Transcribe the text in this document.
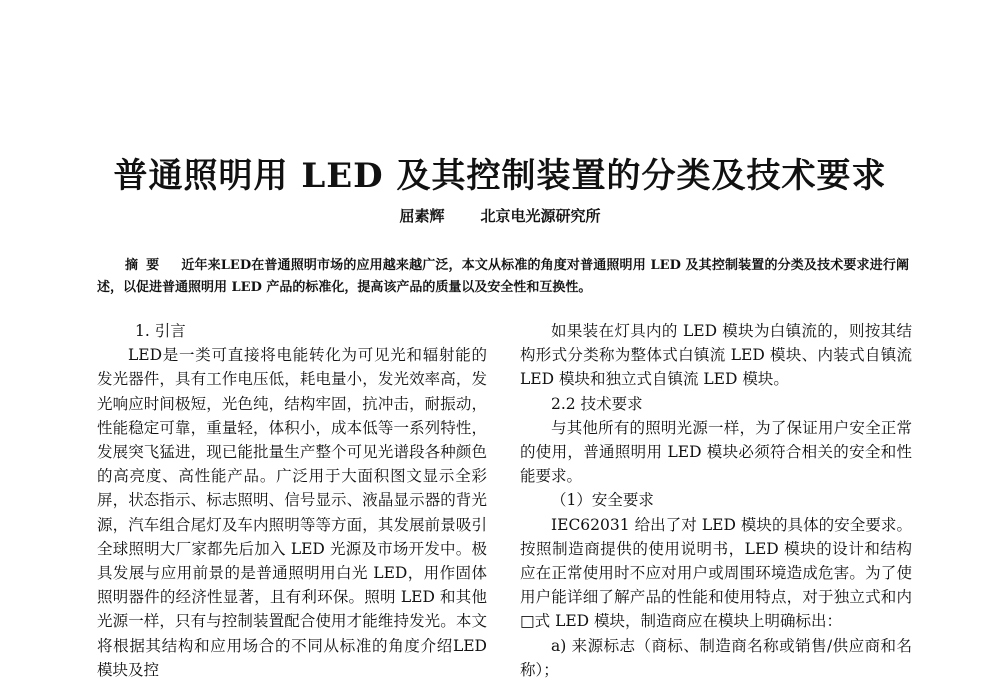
普通照明用 LED 及其控制装置的分类及技术要求
屈素辉 北京电光源研究所
摘要 近年来LED在普通照明市场的应用越来越广泛，本文从标准的角度对普通照明用 LED 及其控制装置的分类及技术要求进行阐述，以促进普通照明用 LED 产品的标准化，提高该产品的质量以及安全性和互换性。

1. 引言

LED是一类可直接将电能转化为可见光和辐射能的发光器件，具有工作电压低，耗电量小，发光效率高，发光响应时间极短，光色纯，结构牢固，抗冲击，耐振动，性能稳定可靠，重量轻，体积小，成本低等一系列特性，发展突飞猛进，现已能批量生产整个可见光谱段各种颜色的高亮度、高性能产品。广泛用于大面积图文显示全彩屏，状态指示、标志照明、信号显示、液晶显示器的背光源，汽车组合尾灯及车内照明等等方面，其发展前景吸引全球照明大厂家都先后加入 LED 光源及市场开发中。极具发展与应用前景的是普通照明用白光 LED，用作固体照明器件的经济性显著，且有利环保。照明 LED 和其他光源一样，只有与控制装置配合使用才能维持发光。本文将根据其结构和应用场合的不同从标准的角度介绍LED模块及控

如果装在灯具内的 LED 模块为白镇流的，则按其结构形式分类称为整体式白镇流 LED 模块、内装式自镇流 LED 模块和独立式自镇流 LED 模块。

2.2 技术要求

与其他所有的照明光源一样，为了保证用户安全正常的使用，普通照明用 LED 模块必须符合相关的安全和性能要求。

（1）安全要求

IEC62031 给出了对 LED 模块的具体的安全要求。按照制造商提供的使用说明书，LED 模块的设计和结构应在正常使用时不应对用户或周围环境造成危害。为了使用户能详细了解产品的性能和使用特点，对于独立式和内□式 LED 模块，制造商应在模块上明确标出：

a) 来源标志（商标、制造商名称或销售/供应商和名称）；
